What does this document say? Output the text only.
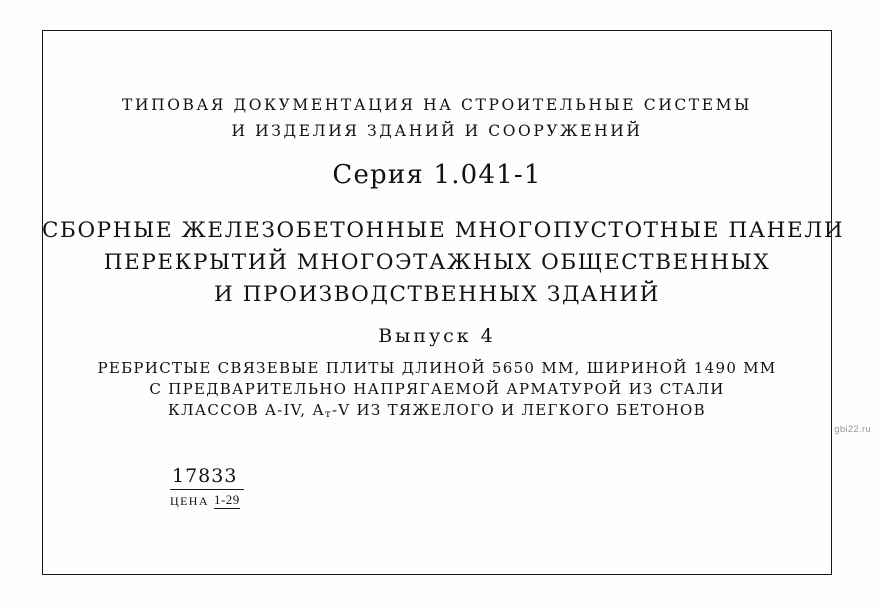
ТИПОВАЯ ДОКУМЕНТАЦИЯ НА СТРОИТЕЛЬНЫЕ СИСТЕМЫ
И ИЗДЕЛИЯ ЗДАНИЙ И СООРУЖЕНИЙ
Серия 1.041-1
СБОРНЫЕ ЖЕЛЕЗОБЕТОННЫЕ МНОГОПУСТОТНЫЕ ПАНЕЛИ
ПЕРЕКРЫТИЙ МНОГОЭТАЖНЫХ ОБЩЕСТВЕННЫХ
И ПРОИЗВОДСТВЕННЫХ ЗДАНИЙ
Выпуск 4
РЕБРИСТЫЕ СВЯЗЕВЫЕ ПЛИТЫ ДЛИНОЙ 5650 ММ, ШИРИНОЙ 1490 ММ
С ПРЕДВАРИТЕЛЬНО НАПРЯГАЕМОЙ АРМАТУРОЙ ИЗ СТАЛИ
КЛАССОВ A-IV, $А_т-V$ ИЗ ТЯЖЕЛОГО И ЛЕГКОГО БЕТОНОВ
17833
ЦЕНА 1-29
gbi22.ru
